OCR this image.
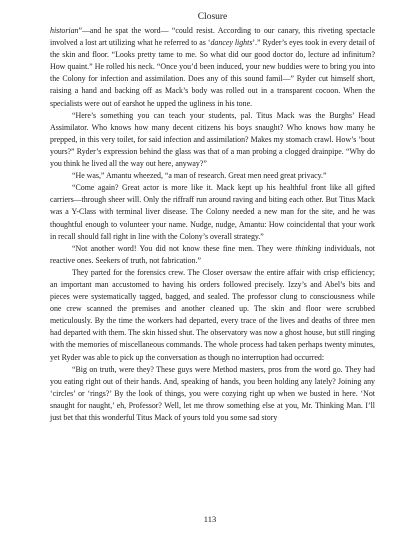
Closure

historian”—and he spat the word— “could resist. According to our canary, this riveting spectacle involved a lost art utilizing what he referred to as ‘dancey lights’.” Ryder’s eyes took in every detail of the skin and floor. “Looks pretty tame to me. So what did our good doctor do, lecture ad infinitum? How quaint.” He rolled his neck. “Once you’d been induced, your new buddies were to bring you into the Colony for infection and assimilation. Does any of this sound famil—” Ryder cut himself short, raising a hand and backing off as Mack’s body was rolled out in a transparent cocoon. When the specialists were out of earshot he upped the ugliness in his tone.

“Here’s something you can teach your students, pal. Titus Mack was the Burghs’ Head Assimilator. Who knows how many decent citizens his boys snaught? Who knows how many he prepped, in this very toilet, for said infection and assimilation? Makes my stomach crawl. How’s ’bout yours?” Ryder’s expression behind the glass was that of a man probing a clogged drainpipe. “Why do you think he lived all the way out here, anyway?”

“He was,” Amantu wheezed, “a man of research. Great men need great privacy.”

“Come again? Great actor is more like it. Mack kept up his healthful front like all gifted carriers—through sheer will. Only the riffraff run around raving and biting each other. But Titus Mack was a Y-Class with terminal liver disease. The Colony needed a new man for the site, and he was thoughtful enough to volunteer your name. Nudge, nudge, Amantu: How coincidental that your work in recall should fall right in line with the Colony’s overall strategy.”

“Not another word! You did not know these fine men. They were thinking individuals, not reactive ones. Seekers of truth, not fabrication.”

They parted for the forensics crew. The Closer oversaw the entire affair with crisp efficiency; an important man accustomed to having his orders followed precisely. Izzy’s and Abel’s bits and pieces were systematically tagged, bagged, and sealed. The professor clung to consciousness while one crew scanned the premises and another cleaned up. The skin and floor were scrubbed meticulously. By the time the workers had departed, every trace of the lives and deaths of three men had departed with them. The skin hissed shut. The observatory was now a ghost house, but still ringing with the memories of miscellaneous commands. The whole process had taken perhaps twenty minutes, yet Ryder was able to pick up the conversation as though no interruption had occurred:

“Big on truth, were they? These guys were Method masters, pros from the word go. They had you eating right out of their hands. And, speaking of hands, you been holding any lately? Joining any ‘circles’ or ‘rings?’ By the look of things, you were cozying right up when we busted in here. ‘Not snaught for naught,’ eh, Professor? Well, let me throw something else at you, Mr. Thinking Man. I’ll just bet that this wonderful Titus Mack of yours told you some sad story

113
